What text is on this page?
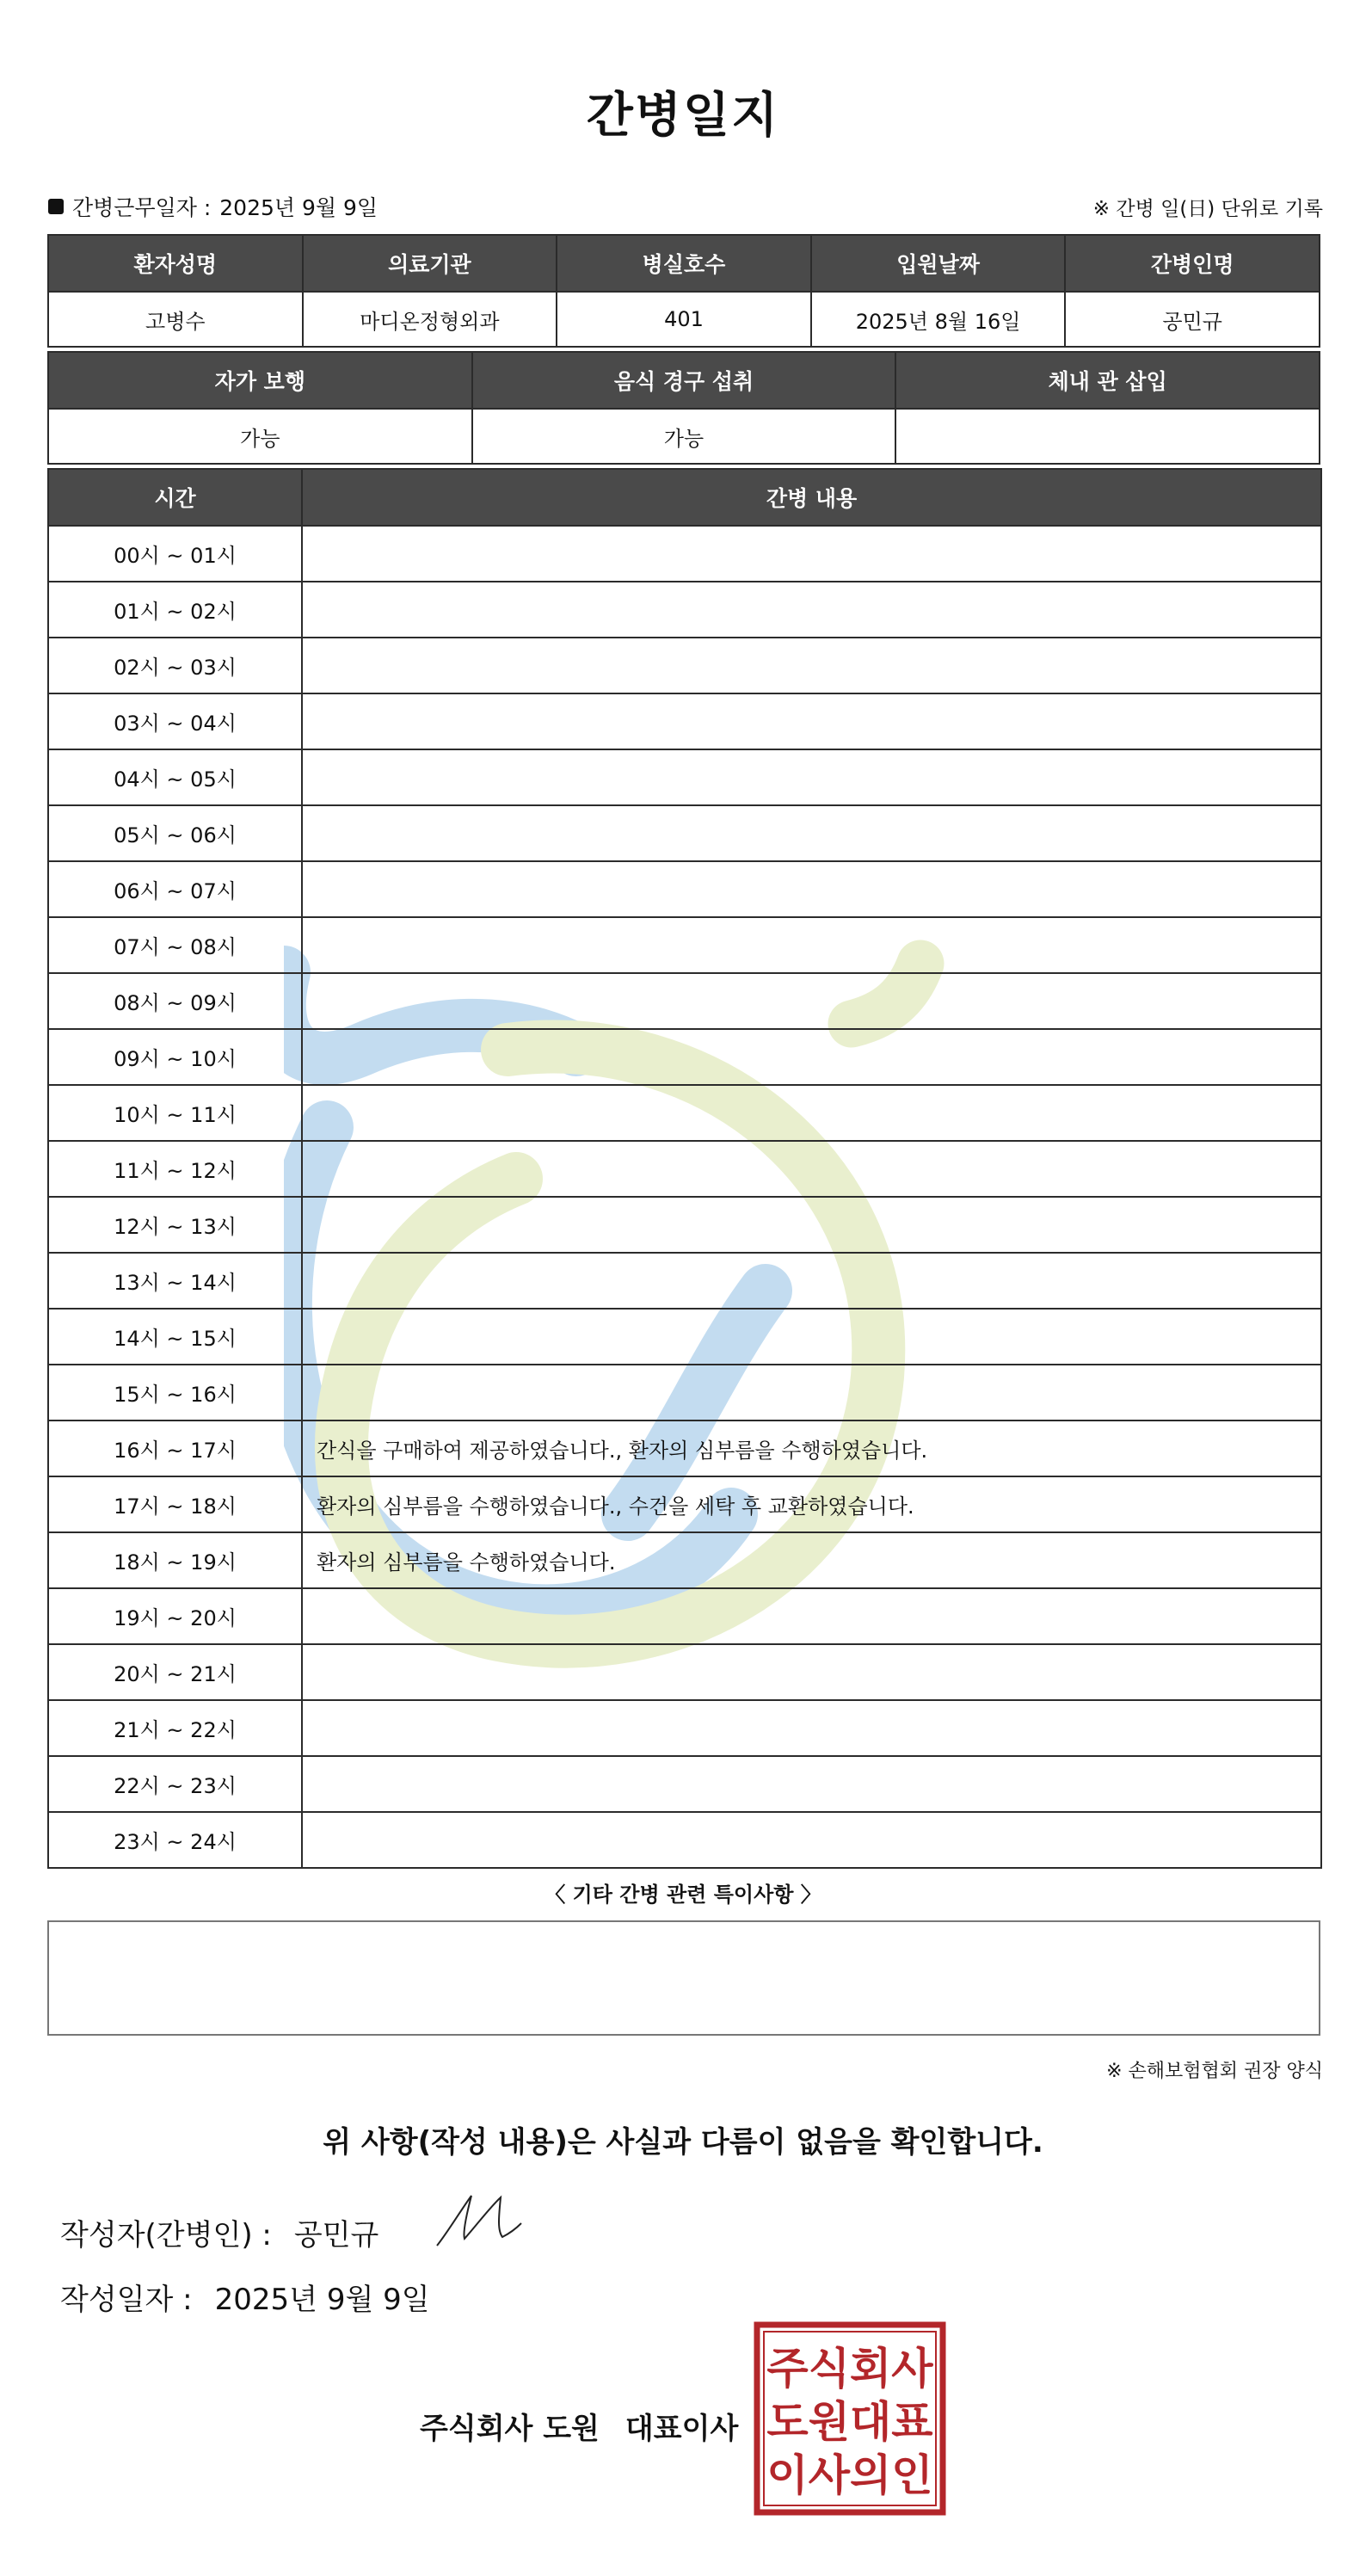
간병일지
간병근무일자 : 2025년 9월 9일	※ 간병 일(日) 단위로 기록
환자성명	의료기관	병실호수	입원날짜	간병인명
고병수	마디온정형외과	401	2025년 8월 16일	공민규
자가 보행	음식 경구 섭취	체내 관 삽입
가능	가능	
시간	간병 내용
00시 ~ 01시	
01시 ~ 02시	
02시 ~ 03시	
03시 ~ 04시	
04시 ~ 05시	
05시 ~ 06시	
06시 ~ 07시	
07시 ~ 08시	
08시 ~ 09시	
09시 ~ 10시	
10시 ~ 11시	
11시 ~ 12시	
12시 ~ 13시	
13시 ~ 14시	
14시 ~ 15시	
15시 ~ 16시	
16시 ~ 17시	간식을 구매하여 제공하였습니다., 환자의 심부름을 수행하였습니다.
17시 ~ 18시	환자의 심부름을 수행하였습니다., 수건을 세탁 후 교환하였습니다.
18시 ~ 19시	환자의 심부름을 수행하였습니다.
19시 ~ 20시	
20시 ~ 21시	
21시 ~ 22시	
22시 ~ 23시	
23시 ~ 24시	
〈 기타 간병 관련 특이사항 〉
※ 손해보험협회 권장 양식
위 사항(작성 내용)은 사실과 다름이 없음을 확인합니다.
작성자(간병인) : 공민규
작성일자 : 2025년 9월 9일
주식회사 도원 대표이사
주식회사
도원대표
이사의인
